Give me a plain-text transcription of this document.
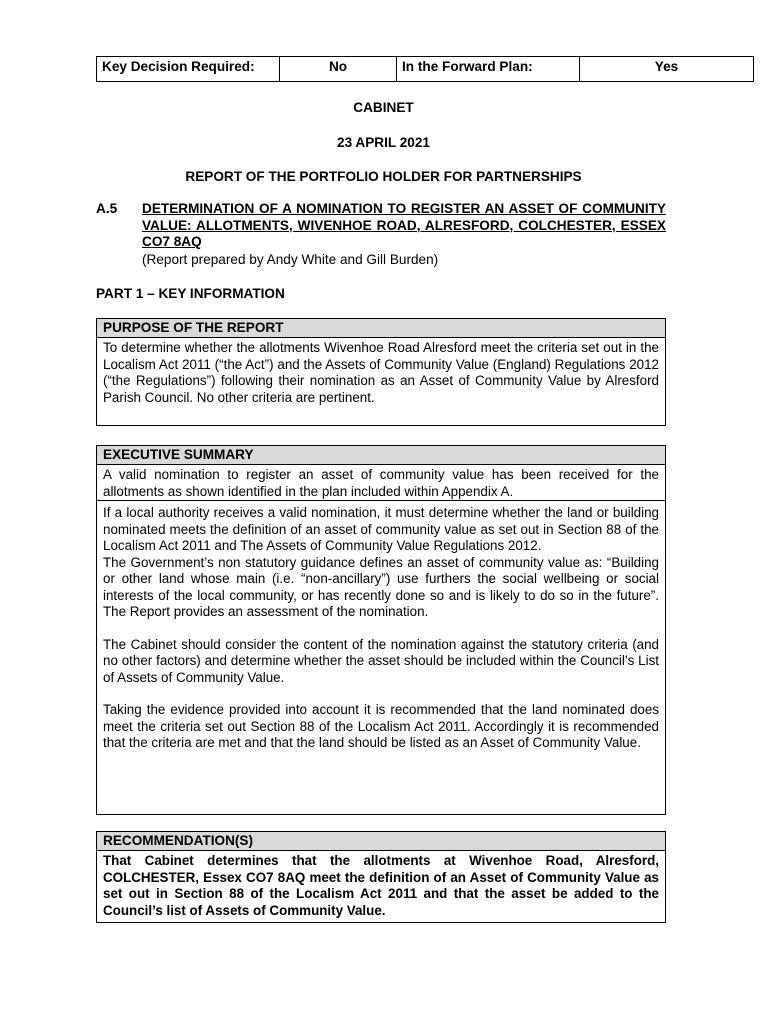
Key Decision Required:	No	In the Forward Plan:	Yes
CABINET
23 APRIL 2021
REPORT OF THE PORTFOLIO HOLDER FOR PARTNERSHIPS
A.5 DETERMINATION OF A NOMINATION TO REGISTER AN ASSET OF COMMUNITY VALUE: ALLOTMENTS, WIVENHOE ROAD, ALRESFORD, COLCHESTER, ESSEX CO7 8AQ
(Report prepared by Andy White and Gill Burden)
PART 1 – KEY INFORMATION
PURPOSE OF THE REPORT

To determine whether the allotments Wivenhoe Road Alresford meet the criteria set out in the Localism Act 2011 (“the Act”) and the Assets of Community Value (England) Regulations 2012 (“the Regulations”) following their nomination as an Asset of Community Value by Alresford Parish Council. No other criteria are pertinent.

EXECUTIVE SUMMARY

A valid nomination to register an asset of community value has been received for the allotments as shown identified in the plan included within Appendix A.

If a local authority receives a valid nomination, it must determine whether the land or building nominated meets the definition of an asset of community value as set out in Section 88 of the Localism Act 2011 and The Assets of Community Value Regulations 2012.

The Government’s non statutory guidance defines an asset of community value as: “Building or other land whose main (i.e. “non-ancillary”) use furthers the social wellbeing or social interests of the local community, or has recently done so and is likely to do so in the future”. The Report provides an assessment of the nomination.

The Cabinet should consider the content of the nomination against the statutory criteria (and no other factors) and determine whether the asset should be included within the Council’s List of Assets of Community Value.

Taking the evidence provided into account it is recommended that the land nominated does meet the criteria set out Section 88 of the Localism Act 2011. Accordingly it is recommended that the criteria are met and that the land should be listed as an Asset of Community Value.

RECOMMENDATION(S)

That Cabinet determines that the allotments at Wivenhoe Road, Alresford, COLCHESTER, Essex CO7 8AQ meet the definition of an Asset of Community Value as set out in Section 88 of the Localism Act 2011 and that the asset be added to the Council’s list of Assets of Community Value.
